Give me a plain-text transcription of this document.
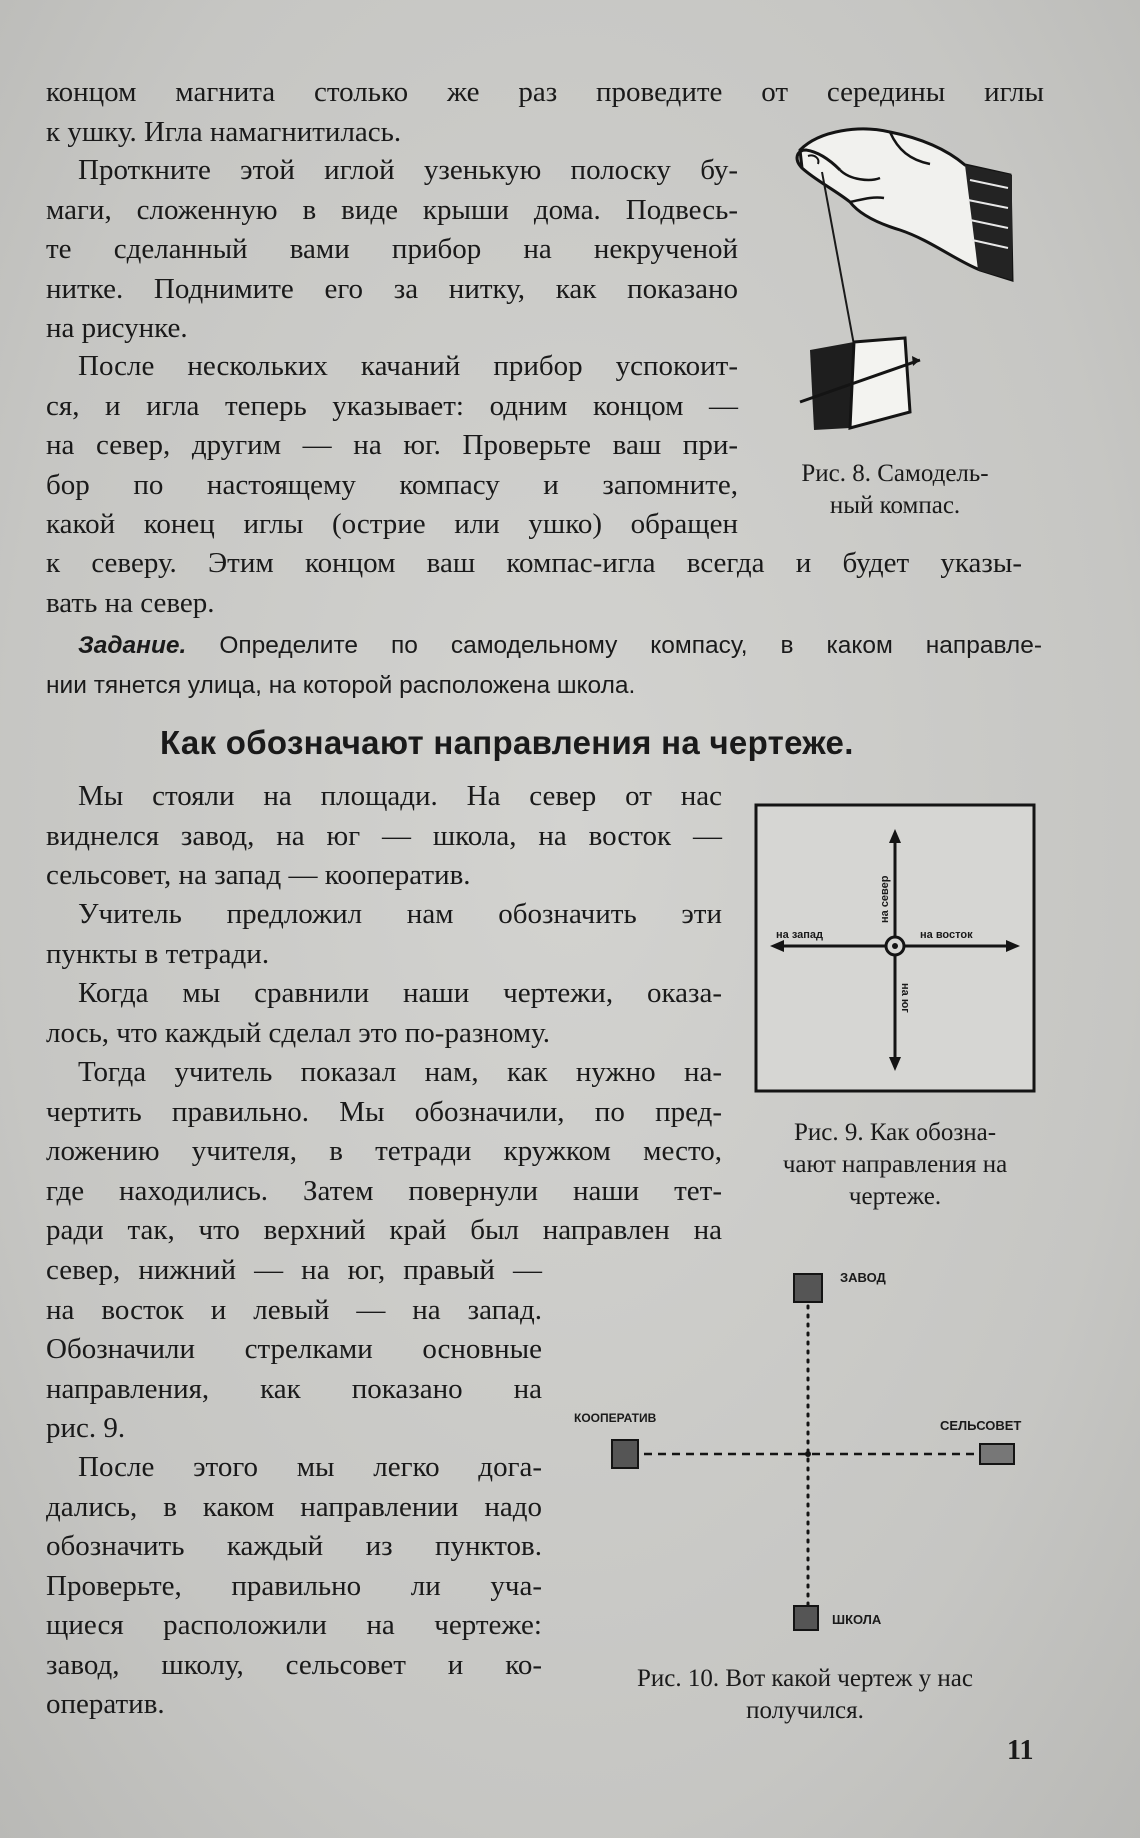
концом магнита столько же раз проведите от середины иглы
к ушку. Игла намагнитилась.
Проткните этой иглой узенькую полоску бу-
маги, сложенную в виде крыши дома. Подвесь-
те сделанный вами прибор на некрученой
нитке. Поднимите его за нитку, как показано
на рисунке.
После нескольких качаний прибор успокоит-
ся, и игла теперь указывает: одним концом —
на север, другим — на юг. Проверьте ваш при-
бор по настоящему компасу и запомните,
какой конец иглы (острие или ушко) обращен
к северу. Этим концом ваш компас-игла всегда и будет указы-
вать на север.
Рис. 8. Самодель-
ный компас.
Задание. Определите по самодельному компасу, в каком направле-
нии тянется улица, на которой расположена школа.
Как обозначают направления на чертеже.
Мы стояли на площади. На север от нас
виднелся завод, на юг — школа, на восток —
сельсовет, на запад — кооператив.
Учитель предложил нам обозначить эти
пункты в тетради.
Когда мы сравнили наши чертежи, оказа-
лось, что каждый сделал это по-разному.
Тогда учитель показал нам, как нужно на-
чертить правильно. Мы обозначили, по пред-
ложению учителя, в тетради кружком место,
где находились. Затем повернули наши тет-
ради так, что верхний край был направлен на
север, нижний — на юг, правый —
на восток и левый — на запад.
Обозначили стрелками основные
направления, как показано на
рис. 9.
После этого мы легко дога-
дались, в каком направлении надо
обозначить каждый из пунктов.
Проверьте, правильно ли уча-
щиеся расположили на чертеже:
завод, школу, сельсовет и ко-
оператив.
на север
на юг
на запад	на восток
Рис. 9. Как обозна-
чают направления на
чертеже.
ЗАВОД
КООПЕРАТИВ	СЕЛЬСОВЕТ
ШКОЛА
Рис. 10. Вот какой чертеж у нас
получился.
11
